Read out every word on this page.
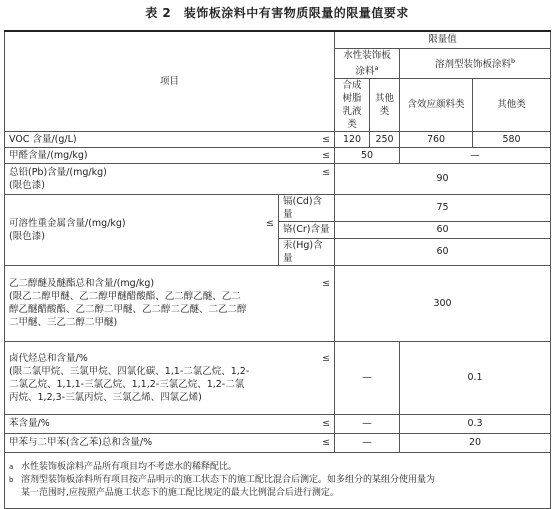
表 2　装饰板涂料中有害物质限量的限量值要求
项目		限量值			
		水性装饰板涂料$^a$		溶剂型装饰板涂料$^b$
		合成树脂乳液类	其他类	含效应颜料类	其他类
VOC 含量/(g/L) ≤		120	250	760	580
甲醛含量/(mg/kg) ≤		50		—	

总铅(Pb)含量/(mg/kg) ≤
(限色漆)		90			

可溶性重金属含量/(mg/kg) ≤
(限色漆)	镉(Cd)含量	75			
	铬(Cr)含量	60			
	汞(Hg)含量	60			

乙二醇醚及醚酯总和含量/(mg/kg) ≤
(限乙二醇甲醚、乙二醇甲醚醋酸酯、乙二醇乙醚、乙二
醇乙醚醋酸酯、乙二醇二甲醚、乙二醇二乙醚、二乙二醇
二甲醚、三乙二醇二甲醚)		300			

卤代烃总和含量/% ≤
(限二氯甲烷、三氯甲烷、四氯化碳、1,1-二氯乙烷、1,2-
二氯乙烷、1,1,1-三氯乙烷、1,1,2-三氯乙烷、1,2-二氯
丙烷、1,2,3-三氯丙烷、三氯乙烯、四氯乙烯)		—		0.1	
苯含量/% ≤		—		0.3	
甲苯与二甲苯(含乙苯)总和含量/% ≤		—		20	

a 水性装饰板涂料产品所有项目均不考虑水的稀释配比。
b 溶剂型装饰板涂料所有项目按产品明示的施工状态下的施工配比混合后测定。如多组分的某组分使用量为
某一范围时,应按照产品施工状态下的施工配比规定的最大比例混合后进行测定。					
